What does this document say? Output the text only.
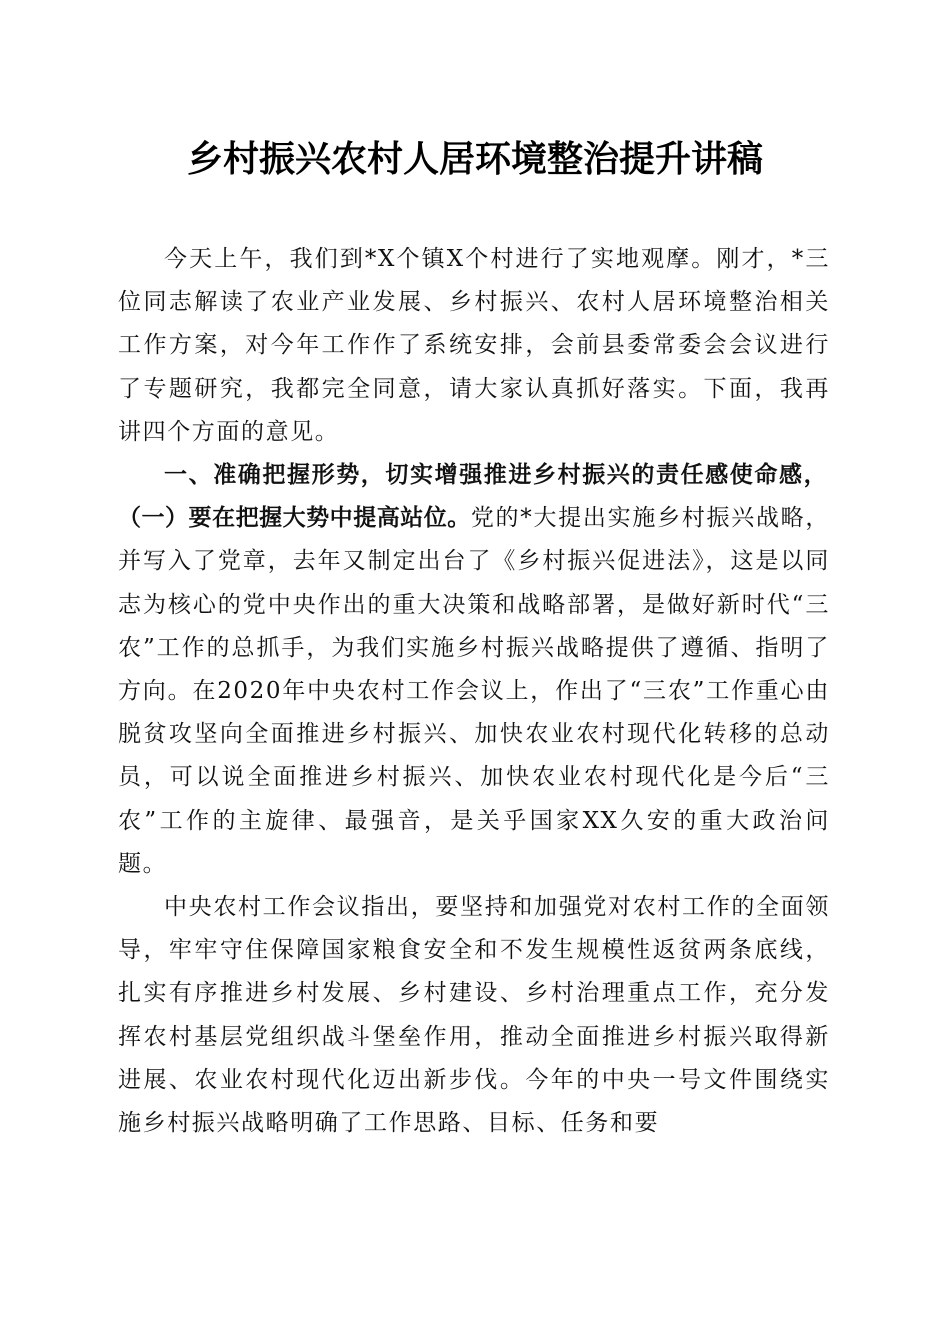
乡村振兴农村人居环境整治提升讲稿

今天上午，我们到*X个镇X个村进行了实地观摩。刚才，*三位同志解读了农业产业发展、乡村振兴、农村人居环境整治相关工作方案，对今年工作作了系统安排，会前县委常委会会议进行了专题研究，我都完全同意，请大家认真抓好落实。下面，我再讲四个方面的意见。

一、准确把握形势，切实增强推进乡村振兴的责任感使命感，

（一）要在把握大势中提高站位。党的*大提出实施乡村振兴战略，并写入了党章，去年又制定出台了《乡村振兴促进法》，这是以同志为核心的党中央作出的重大决策和战略部署，是做好新时代“三农”工作的总抓手，为我们实施乡村振兴战略提供了遵循、指明了方向。在2020年中央农村工作会议上，作出了“三农”工作重心由脱贫攻坚向全面推进乡村振兴、加快农业农村现代化转移的总动员，可以说全面推进乡村振兴、加快农业农村现代化是今后“三农”工作的主旋律、最强音，是关乎国家XX久安的重大政治问题。

中央农村工作会议指出，要坚持和加强党对农村工作的全面领导，牢牢守住保障国家粮食安全和不发生规模性返贫两条底线，扎实有序推进乡村发展、乡村建设、乡村治理重点工作，充分发挥农村基层党组织战斗堡垒作用，推动全面推进乡村振兴取得新进展、农业农村现代化迈出新步伐。今年的中央一号文件围绕实施乡村振兴战略明确了工作思路、目标、任务和要
